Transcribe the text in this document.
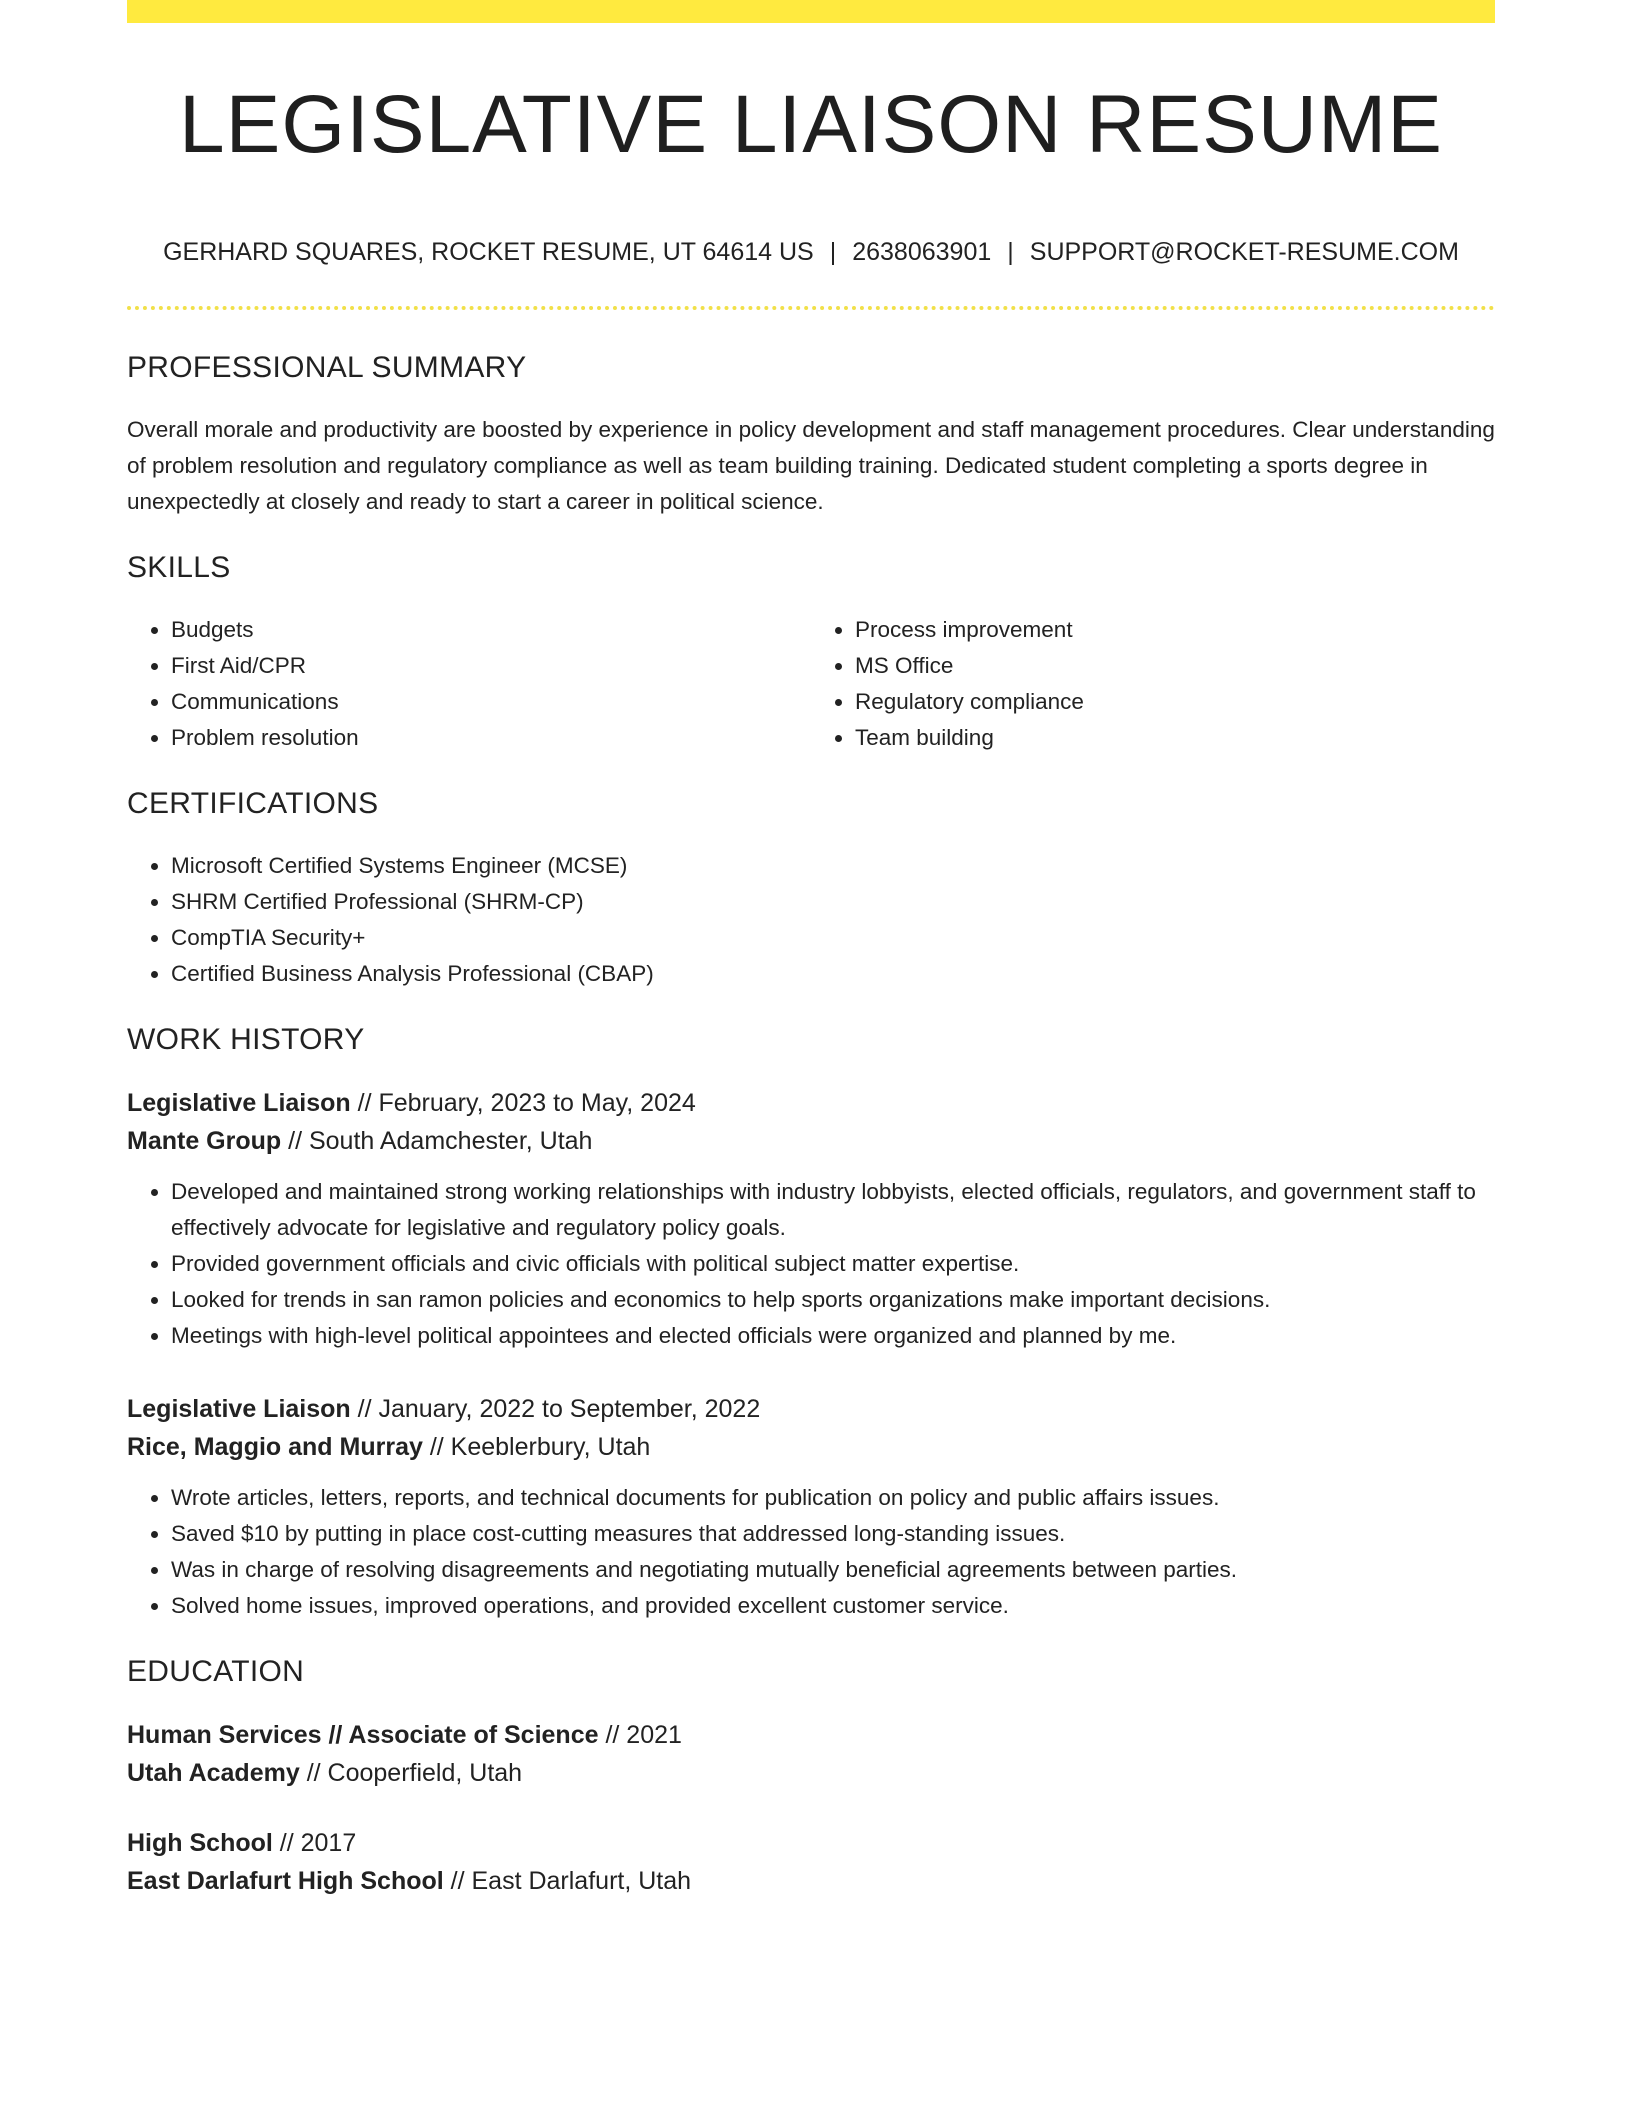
LEGISLATIVE LIAISON RESUME
GERHARD SQUARES, ROCKET RESUME, UT 64614 US | 2638063901 | SUPPORT@ROCKET-RESUME.COM
PROFESSIONAL SUMMARY

Overall morale and productivity are boosted by experience in policy development and staff management procedures. Clear understanding of problem resolution and regulatory compliance as well as team building training. Dedicated student completing a sports degree in unexpectedly at closely and ready to start a career in political science.

SKILLS
• Budgets
• First Aid/CPR
• Communications
• Problem resolution
• Process improvement
• MS Office
• Regulatory compliance
• Team building
CERTIFICATIONS
• Microsoft Certified Systems Engineer (MCSE)
• SHRM Certified Professional (SHRM-CP)
• CompTIA Security+
• Certified Business Analysis Professional (CBAP)
WORK HISTORY
Legislative Liaison // February, 2023 to May, 2024
Mante Group // South Adamchester, Utah
• Developed and maintained strong working relationships with industry lobbyists, elected officials, regulators, and government staff to effectively advocate for legislative and regulatory policy goals.
• Provided government officials and civic officials with political subject matter expertise.
• Looked for trends in san ramon policies and economics to help sports organizations make important decisions.
• Meetings with high-level political appointees and elected officials were organized and planned by me.
Legislative Liaison // January, 2022 to September, 2022
Rice, Maggio and Murray // Keeblerbury, Utah
• Wrote articles, letters, reports, and technical documents for publication on policy and public affairs issues.
• Saved $10 by putting in place cost-cutting measures that addressed long-standing issues.
• Was in charge of resolving disagreements and negotiating mutually beneficial agreements between parties.
• Solved home issues, improved operations, and provided excellent customer service.
EDUCATION
Human Services // Associate of Science // 2021
Utah Academy // Cooperfield, Utah
High School // 2017
East Darlafurt High School // East Darlafurt, Utah
